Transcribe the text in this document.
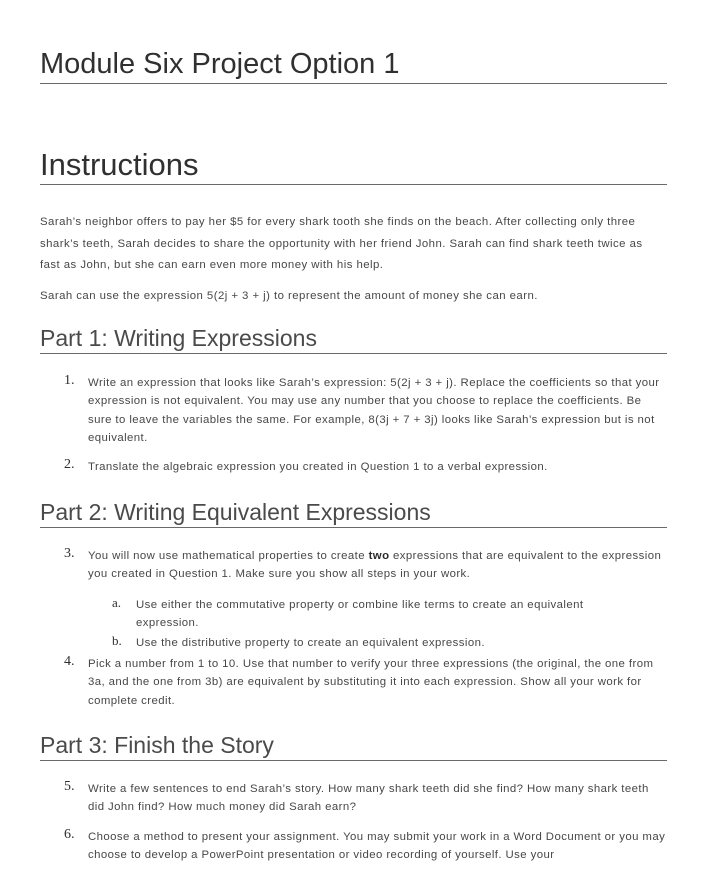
Module Six Project Option 1
Instructions

Sarah’s neighbor offers to pay her $5 for every shark tooth she finds on the beach. After collecting only three shark’s teeth, Sarah decides to share the opportunity with her friend John. Sarah can find shark teeth twice as fast as John, but she can earn even more money with his help.

Sarah can use the expression 5(2j + 3 + j) to represent the amount of money she can earn.

Part 1: Writing Expressions
1. Write an expression that looks like Sarah’s expression: 5(2j + 3 + j). Replace the coefficients so that your expression is not equivalent. You may use any number that you choose to replace the coefficients. Be sure to leave the variables the same. For example, 8(3j + 7 + 3j) looks like Sarah’s expression but is not equivalent.

2. Translate the algebraic expression you created in Question 1 to a verbal expression.

Part 2: Writing Equivalent Expressions
3. You will now use mathematical properties to create two expressions that are equivalent to the expression you created in Question 1. Make sure you show all steps in your work.

a. Use either the commutative property or combine like terms to create an equivalent expression.

b. Use the distributive property to create an equivalent expression.

4. Pick a number from 1 to 10. Use that number to verify your three expressions (the original, the one from 3a, and the one from 3b) are equivalent by substituting it into each expression. Show all your work for complete credit.

Part 3: Finish the Story
5. Write a few sentences to end Sarah’s story. How many shark teeth did she find? How many shark teeth did John find? How much money did Sarah earn?

6. Choose a method to present your assignment. You may submit your work in a Word Document or you may choose to develop a PowerPoint presentation or video recording of yourself. Use your
